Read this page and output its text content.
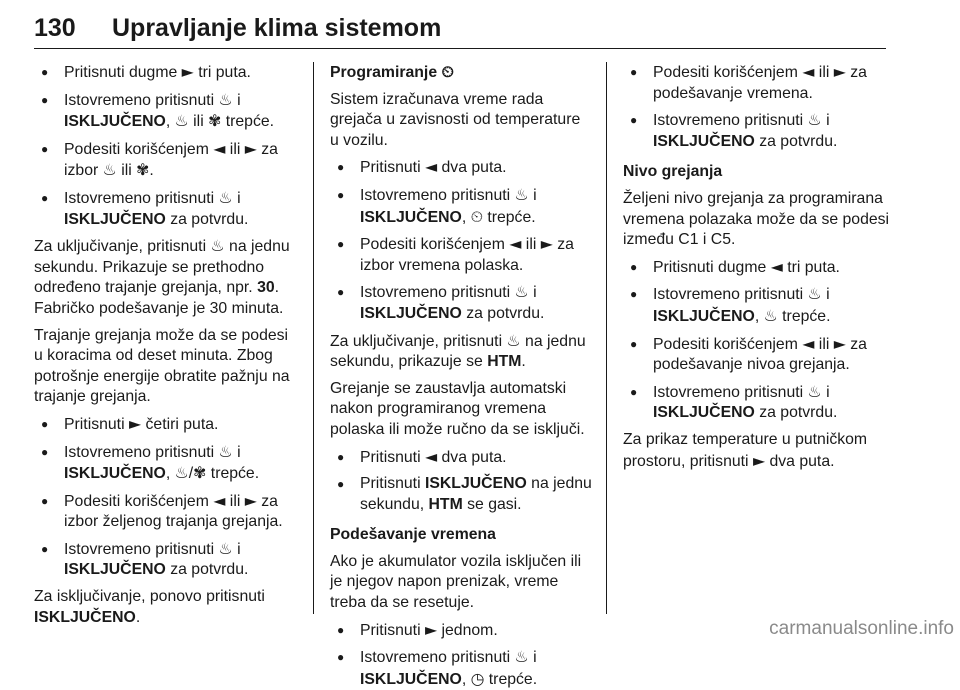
130 Upravljanje klima sistemom

● Pritisnuti dugme ► tri puta.

● Istovremeno pritisnuti ♨ i ISKLJUČENO, ♨ ili ✾ trepće.

● Podesiti korišćenjem ◄ ili ► za izbor ♨ ili ✾.

● Istovremeno pritisnuti ♨ i ISKLJUČENO za potvrdu.

Za uključivanje, pritisnuti ♨ na jednu sekundu. Prikazuje se prethodno određeno trajanje grejanja, npr. 30. Fabričko podešavanje je 30 minuta.

Trajanje grejanja može da se podesi u koracima od deset minuta. Zbog potrošnje energije obratite pažnju na trajanje grejanja.

● Pritisnuti ► četiri puta.

● Istovremeno pritisnuti ♨ i ISKLJUČENO, ♨/✾ trepće.

● Podesiti korišćenjem ◄ ili ► za izbor željenog trajanja grejanja.

● Istovremeno pritisnuti ♨ i ISKLJUČENO za potvrdu.

Za isključivanje, ponovo pritisnuti ISKLJUČENO.

Programiranje ⏲

Sistem izračunava vreme rada grejača u zavisnosti od temperature u vozilu.

● Pritisnuti ◄ dva puta.

● Istovremeno pritisnuti ♨ i ISKLJUČENO, ⏲ trepće.

● Podesiti korišćenjem ◄ ili ► za izbor vremena polaska.

● Istovremeno pritisnuti ♨ i ISKLJUČENO za potvrdu.

Za uključivanje, pritisnuti ♨ na jednu sekundu, prikazuje se HTM.

Grejanje se zaustavlja automatski nakon programiranog vremena polaska ili može ručno da se isključi.

● Pritisnuti ◄ dva puta.

● Pritisnuti ISKLJUČENO na jednu sekundu, HTM se gasi.

Podešavanje vremena

Ako je akumulator vozila isključen ili je njegov napon prenizak, vreme treba da se resetuje.

● Pritisnuti ► jednom.

● Istovremeno pritisnuti ♨ i ISKLJUČENO, ◷ trepće.

● Podesiti korišćenjem ◄ ili ► za podešavanje vremena.

● Istovremeno pritisnuti ♨ i ISKLJUČENO za potvrdu.

Nivo grejanja

Željeni nivo grejanja za programirana vremena polazaka može da se podesi između C1 i C5.

● Pritisnuti dugme ◄ tri puta.

● Istovremeno pritisnuti ♨ i ISKLJUČENO, ♨ trepće.

● Podesiti korišćenjem ◄ ili ► za podešavanje nivoa grejanja.

● Istovremeno pritisnuti ♨ i ISKLJUČENO za potvrdu.

Za prikaz temperature u putničkom prostoru, pritisnuti ► dva puta.

carmanualsonline.info
